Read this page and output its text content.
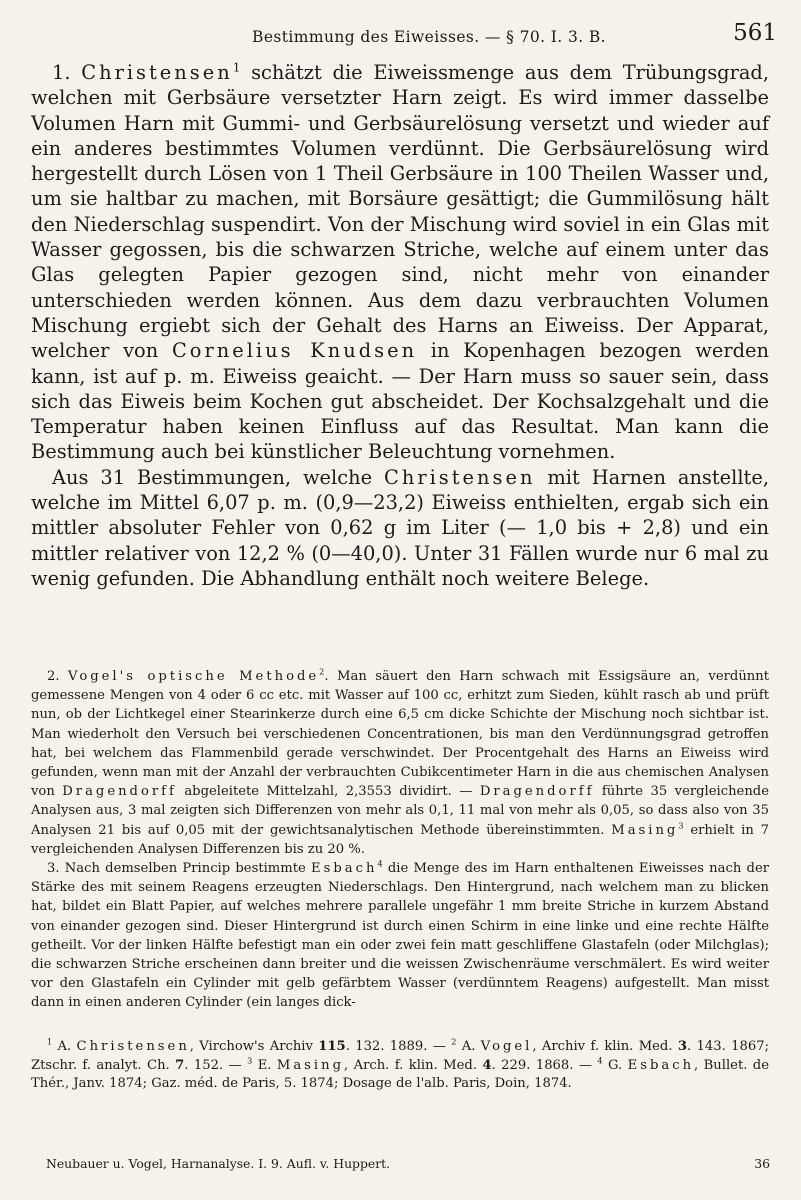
Bestimmung des Eiweisses. — § 70. I. 3. B.	561

1. Christensen$^1$ schätzt die Eiweissmenge aus dem Trübungsgrad, welchen mit Gerbsäure versetzter Harn zeigt. Es wird immer dasselbe Volumen Harn mit Gummi- und Gerbsäurelösung versetzt und wieder auf ein anderes bestimmtes Volumen verdünnt. Die Gerbsäurelösung wird hergestellt durch Lösen von 1 Theil Gerbsäure in 100 Theilen Wasser und, um sie haltbar zu machen, mit Borsäure gesättigt; die Gummilösung hält den Niederschlag suspendirt. Von der Mischung wird soviel in ein Glas mit Wasser gegossen, bis die schwarzen Striche, welche auf einem unter das Glas gelegten Papier gezogen sind, nicht mehr von einander unterschieden werden können. Aus dem dazu verbrauchten Volumen Mischung ergiebt sich der Gehalt des Harns an Eiweiss. Der Apparat, welcher von Cornelius Knudsen in Kopenhagen bezogen werden kann, ist auf p. m. Eiweiss geaicht. — Der Harn muss so sauer sein, dass sich das Eiweis beim Kochen gut abscheidet. Der Kochsalzgehalt und die Temperatur haben keinen Einfluss auf das Resultat. Man kann die Bestimmung auch bei künstlicher Beleuchtung vornehmen.

Aus 31 Bestimmungen, welche Christensen mit Harnen anstellte, welche im Mittel 6,07 p. m. (0,9—23,2) Eiweiss enthielten, ergab sich ein mittler absoluter Fehler von 0,62 g im Liter (— 1,0 bis + 2,8) und ein mittler relativer von 12,2 % (0—40,0). Unter 31 Fällen wurde nur 6 mal zu wenig gefunden. Die Abhandlung enthält noch weitere Belege.

2. Vogel's optische Methode$^2$. Man säuert den Harn schwach mit Essigsäure an, verdünnt gemessene Mengen von 4 oder 6 cc etc. mit Wasser auf 100 cc, erhitzt zum Sieden, kühlt rasch ab und prüft nun, ob der Lichtkegel einer Stearinkerze durch eine 6,5 cm dicke Schichte der Mischung noch sichtbar ist. Man wiederholt den Versuch bei verschiedenen Concentrationen, bis man den Verdünnungsgrad getroffen hat, bei welchem das Flammenbild gerade verschwindet. Der Procentgehalt des Harns an Eiweiss wird gefunden, wenn man mit der Anzahl der verbrauchten Cubikcentimeter Harn in die aus chemischen Analysen von Dragendorff abgeleitete Mittelzahl, 2,3553 dividirt. — Dragendorff führte 35 vergleichende Analysen aus, 3 mal zeigten sich Differenzen von mehr als 0,1, 11 mal von mehr als 0,05, so dass also von 35 Analysen 21 bis auf 0,05 mit der gewichtsanalytischen Methode übereinstimmten. Masing$^3$ erhielt in 7 vergleichenden Analysen Differenzen bis zu 20 %.

3. Nach demselben Princip bestimmte Esbach$^4$ die Menge des im Harn enthaltenen Eiweisses nach der Stärke des mit seinem Reagens erzeugten Niederschlags. Den Hintergrund, nach welchem man zu blicken hat, bildet ein Blatt Papier, auf welches mehrere parallele ungefähr 1 mm breite Striche in kurzem Abstand von einander gezogen sind. Dieser Hintergrund ist durch einen Schirm in eine linke und eine rechte Hälfte getheilt. Vor der linken Hälfte befestigt man ein oder zwei fein matt geschliffene Glastafeln (oder Milchglas); die schwarzen Striche erscheinen dann breiter und die weissen Zwischenräume verschmälert. Es wird weiter vor den Glastafeln ein Cylinder mit gelb gefärbtem Wasser (verdünntem Reagens) aufgestellt. Man misst dann in einen anderen Cylinder (ein langes dick-

$^1$ A. Christensen, Virchow's Archiv 115. 132. 1889. — $^2$ A. Vogel, Archiv f. klin. Med. 3. 143. 1867; Ztschr. f. analyt. Ch. 7. 152. — $^3$ E. Masing, Arch. f. klin. Med. 4. 229. 1868. — $^4$ G. Esbach, Bullet. de Thér., Janv. 1874; Gaz. méd. de Paris, 5. 1874; Dosage de l'alb. Paris, Doin, 1874.

Neubauer u. Vogel, Harnanalyse. I. 9. Aufl. v. Huppert.	36
